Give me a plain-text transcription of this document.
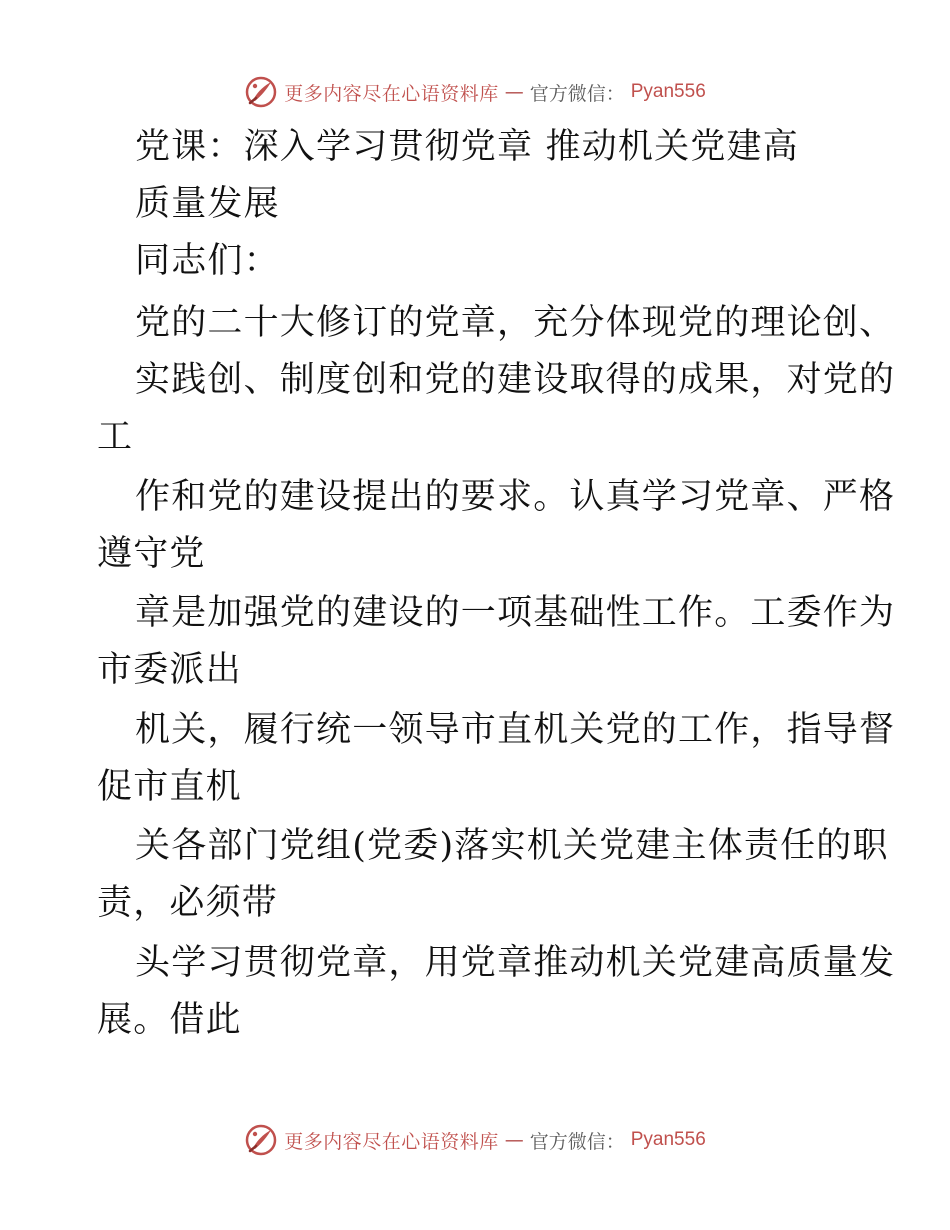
更多内容尽在心语资料库 — 官方微信： Pyan556
党课：深入学习贯彻党章 推动机关党建高
质量发展
同志们：
党的二十大修订的党章，充分体现党的理论创、
实践创、制度创和党的建设取得的成果，对党的
工
作和党的建设提出的要求。认真学习党章、严格
遵守党
章是加强党的建设的一项基础性工作。工委作为
市委派出
机关，履行统一领导市直机关党的工作，指导督
促市直机
关各部门党组(党委)落实机关党建主体责任的职
责，必须带
头学习贯彻党章，用党章推动机关党建高质量发
展。借此
更多内容尽在心语资料库 — 官方微信： Pyan556
